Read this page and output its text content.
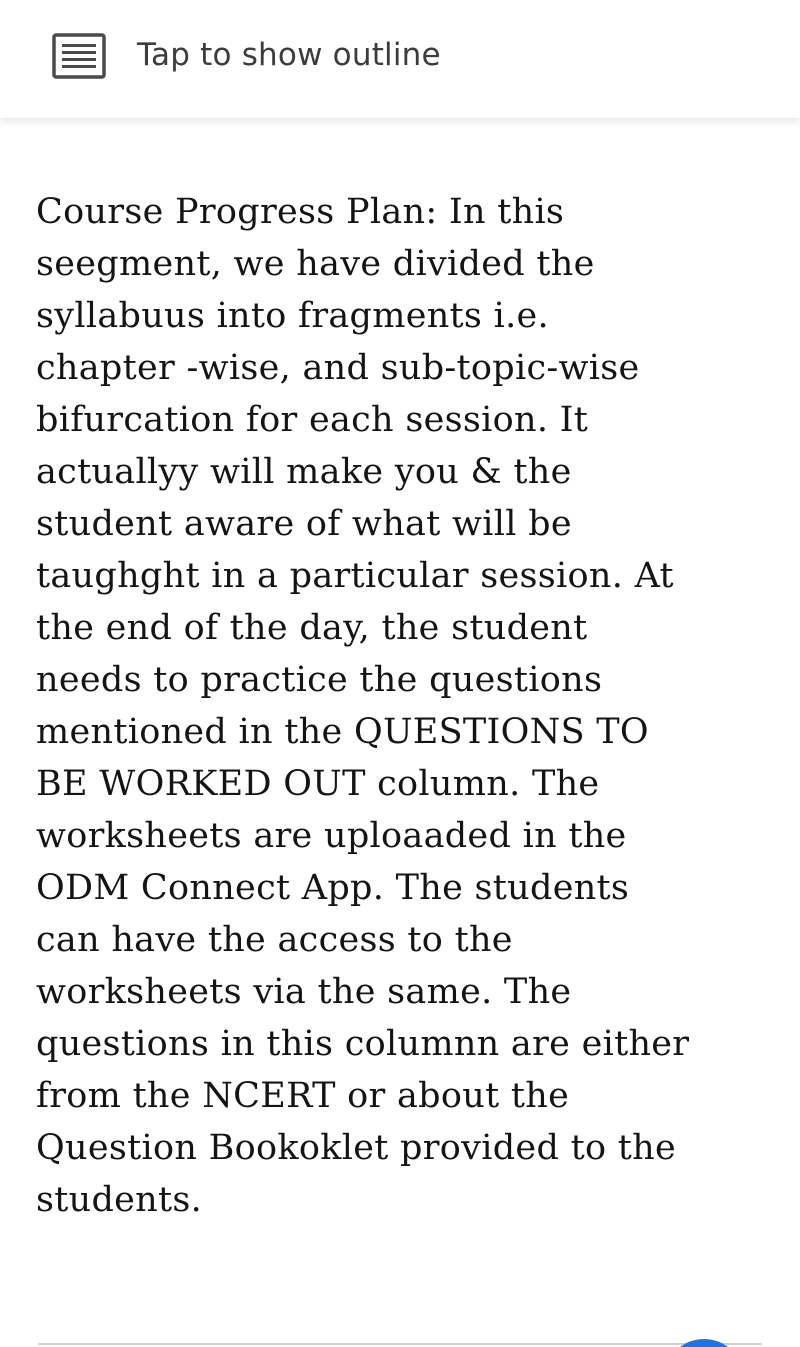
Tap to show outline

Course Progress Plan: In this
seegment, we have divided the
syllabuus into fragments i.e.
chapter -wise, and sub-topic-wise
bifurcation for each session. It
actuallyy will make you & the
student aware of what will be
taughght in a particular session. At
the end of the day, the student
needs to practice the questions
mentioned in the QUESTIONS TO
BE WORKED OUT column. The
worksheets are uploaaded in the
ODM Connect App. The students
can have the access to the
worksheets via the same. The
questions in this columnn are either
from the NCERT or about the
Question Bookoklet provided to the
students.
